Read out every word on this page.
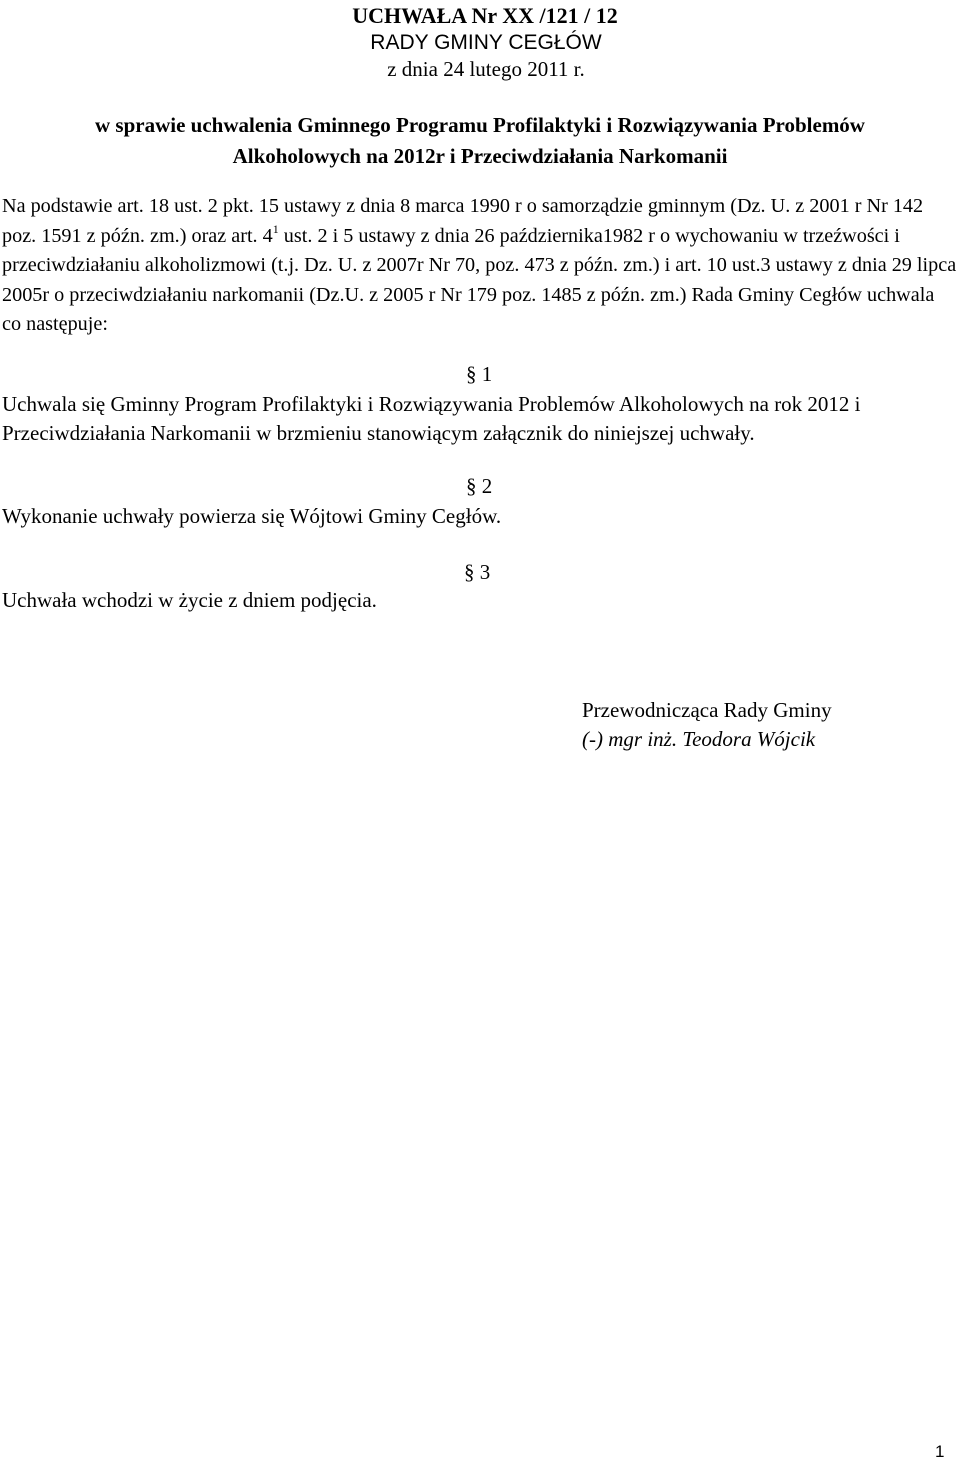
UCHWAŁA Nr XX /121 / 12
RADY GMINY CEGŁÓW
z dnia 24 lutego 2011 r.
w sprawie uchwalenia Gminnego Programu Profilaktyki i Rozwiązywania Problemów
Alkoholowych na 2012r i Przeciwdziałania Narkomanii
Na podstawie art. 18 ust. 2 pkt. 15 ustawy z dnia 8 marca 1990 r o samorządzie gminnym (Dz. U. z 2001 r Nr 142 poz. 1591 z późn. zm.) oraz art. $4^1$ ust. 2 i 5 ustawy z dnia 26 października1982 r o wychowaniu w trzeźwości i przeciwdziałaniu alkoholizmowi (t.j. Dz. U. z 2007r Nr 70, poz. 473 z późn. zm.) i art. 10 ust.3 ustawy z dnia 29 lipca 2005r o przeciwdziałaniu narkomanii (Dz.U. z 2005 r Nr 179 poz. 1485 z późn. zm.) Rada Gminy Cegłów uchwala co następuje:
§ 1
Uchwala się Gminny Program Profilaktyki i Rozwiązywania Problemów Alkoholowych na rok 2012 i Przeciwdziałania Narkomanii w brzmieniu stanowiącym załącznik do niniejszej uchwały.
§ 2
Wykonanie uchwały powierza się Wójtowi Gminy Cegłów.
§ 3
Uchwała wchodzi w życie z dniem podjęcia.
Przewodnicząca Rady Gminy
(-) mgr inż. Teodora Wójcik
1
